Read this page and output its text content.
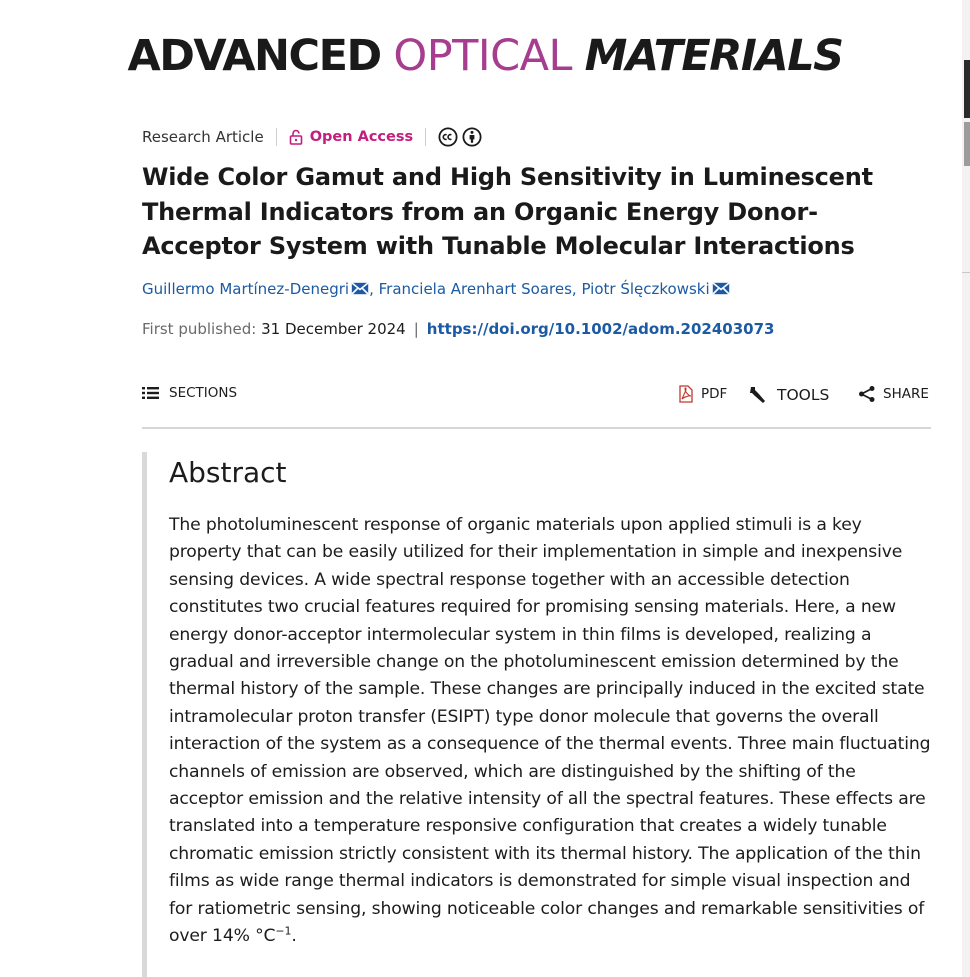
ADVANCED OPTICAL MATERIALS
Research Article	Open Access
Wide Color Gamut and High Sensitivity in Luminescent Thermal Indicators from an Organic Energy Donor-Acceptor System with Tunable Molecular Interactions
Guillermo Martínez-Denegri , Franciela Arenhart Soares, Piotr Ślęczkowski
First published: 31 December 2024 | https://doi.org/10.1002/adom.202403073
SECTIONS	PDF	TOOLS	SHARE
Abstract

The photoluminescent response of organic materials upon applied stimuli is a key property that can be easily utilized for their implementation in simple and inexpensive sensing devices. A wide spectral response together with an accessible detection constitutes two crucial features required for promising sensing materials. Here, a new energy donor-acceptor intermolecular system in thin films is developed, realizing a gradual and irreversible change on the photoluminescent emission determined by the thermal history of the sample. These changes are principally induced in the excited state intramolecular proton transfer (ESIPT) type donor molecule that governs the overall interaction of the system as a consequence of the thermal events. Three main fluctuating channels of emission are observed, which are distinguished by the shifting of the acceptor emission and the relative intensity of all the spectral features. These effects are translated into a temperature responsive configuration that creates a widely tunable chromatic emission strictly consistent with its thermal history. The application of the thin films as wide range thermal indicators is demonstrated for simple visual inspection and for ratiometric sensing, showing noticeable color changes and remarkable sensitivities of over 14% $^\circ C^{-1}$.
